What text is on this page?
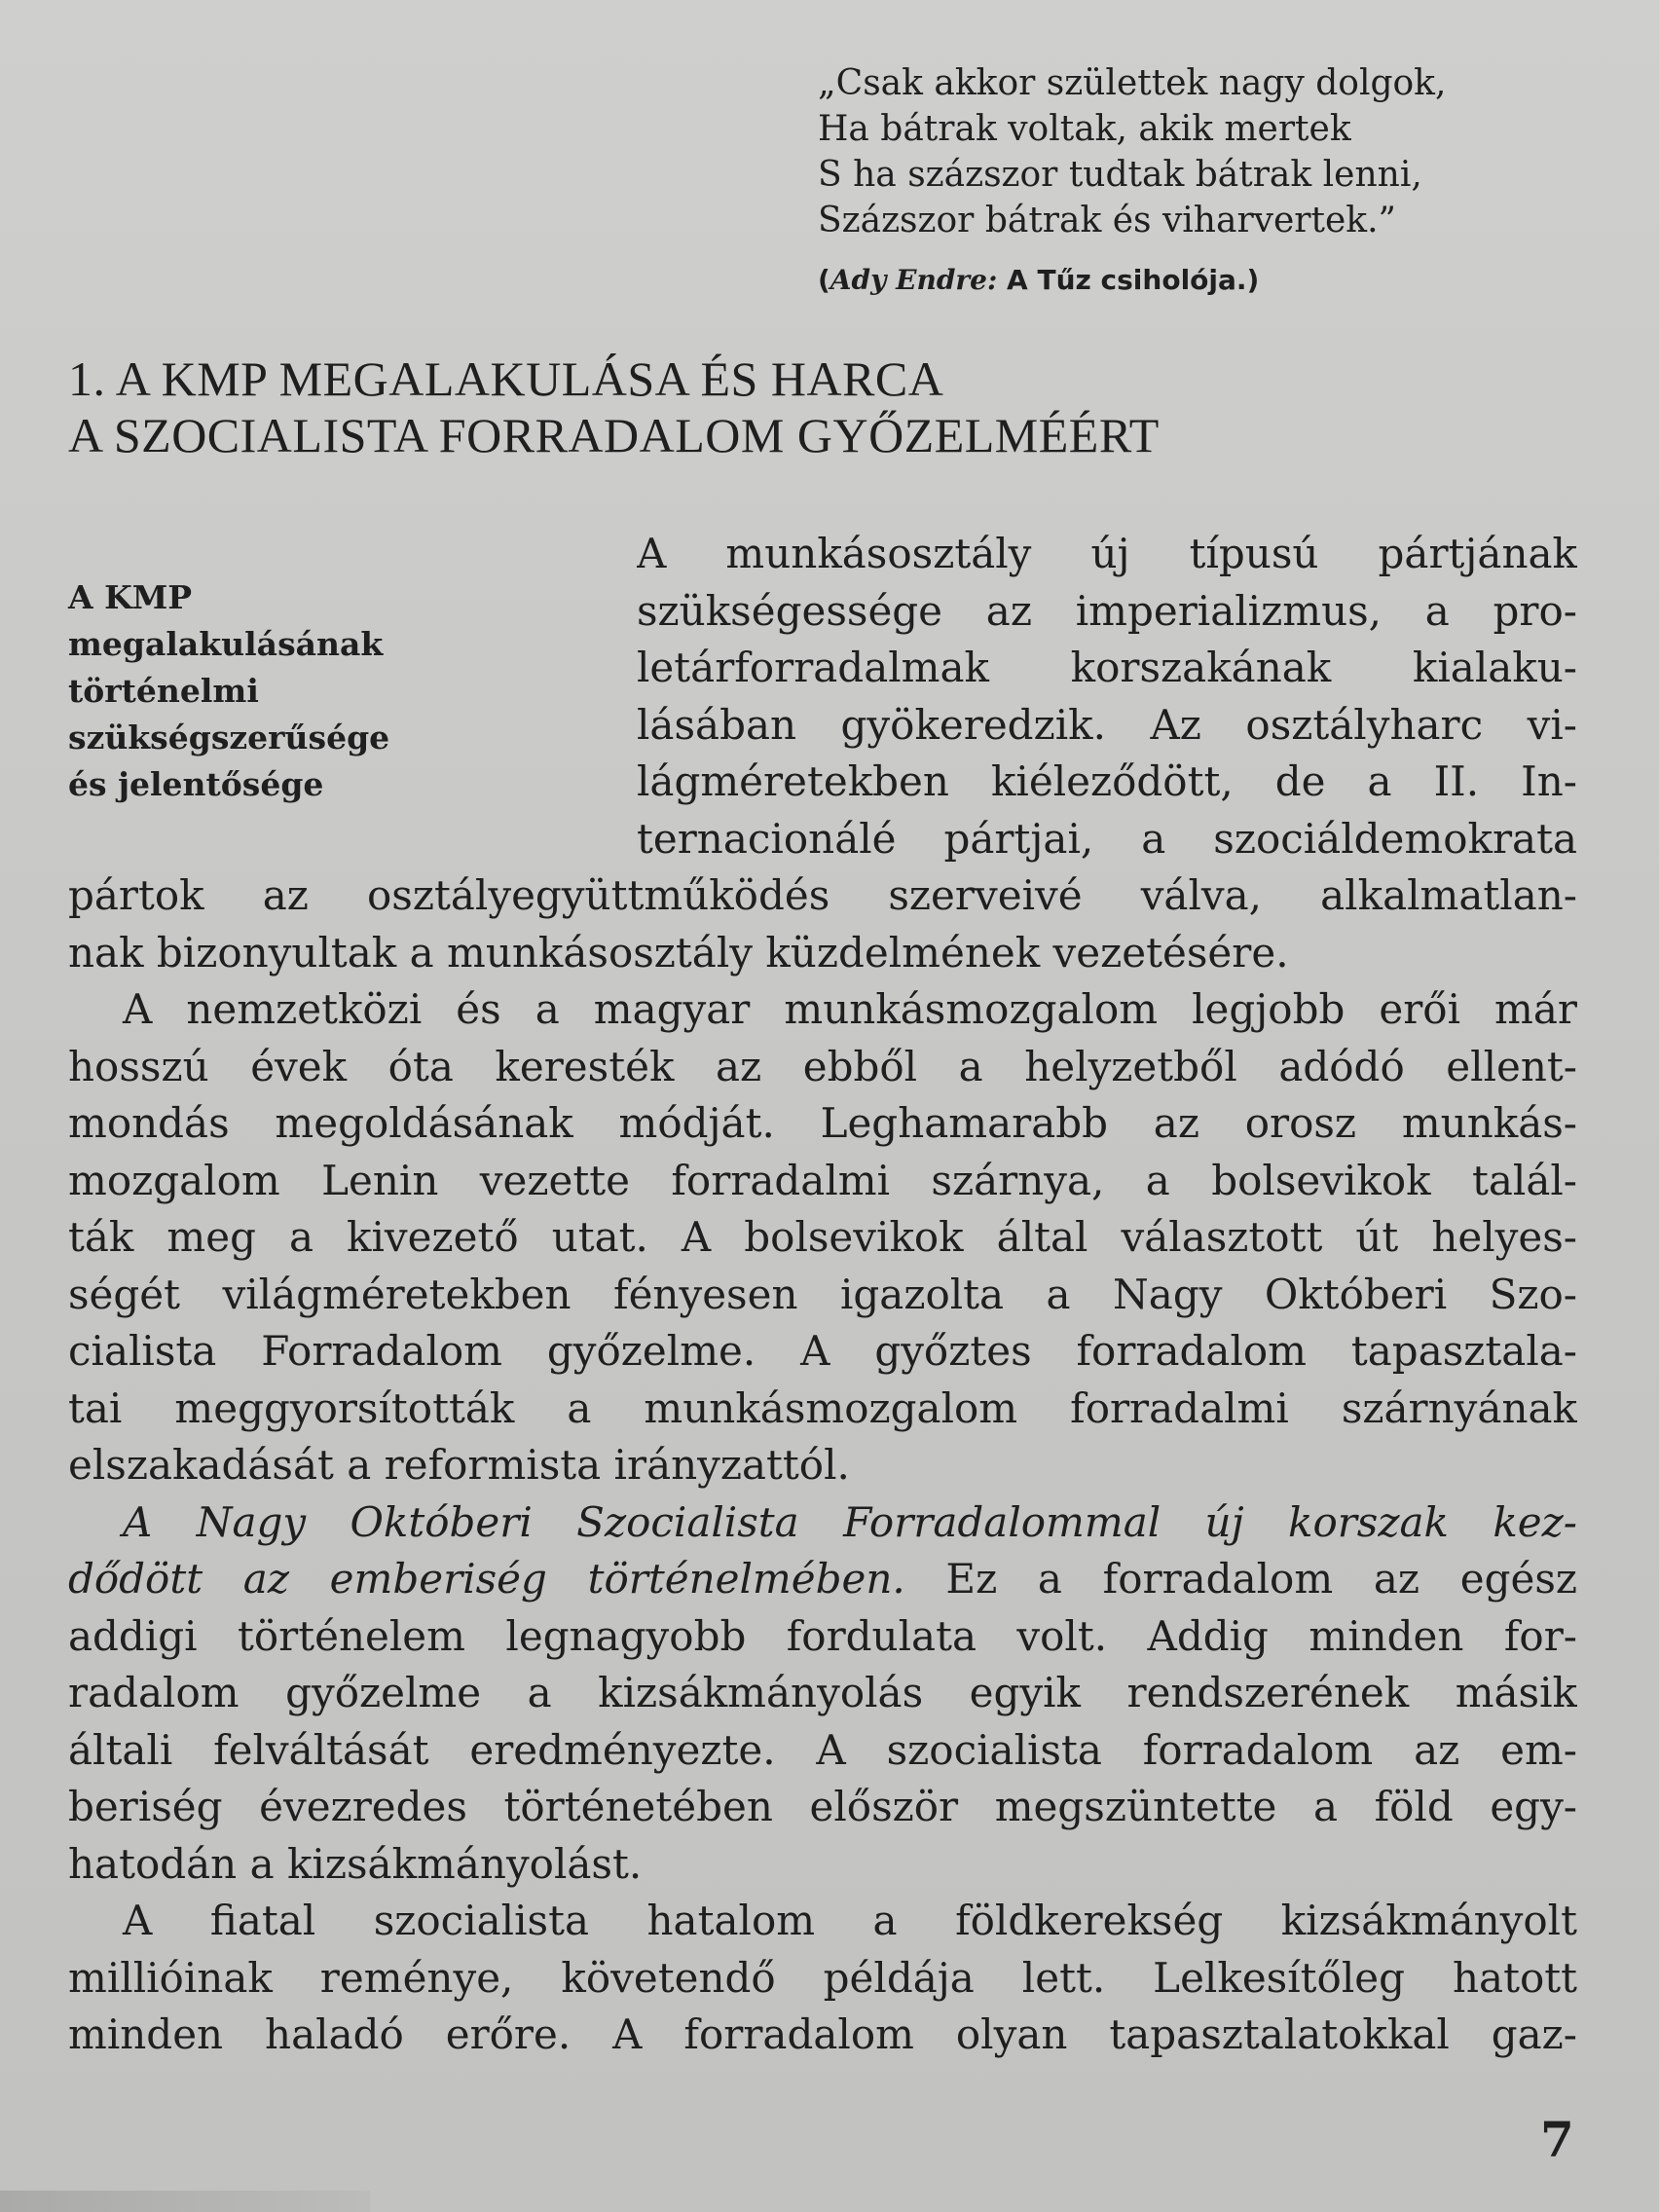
„Csak akkor születtek nagy dolgok,
Ha bátrak voltak, akik mertek
S ha százszor tudtak bátrak lenni,
Százszor bátrak és viharvertek.”
(Ady Endre: A Tűz csiholója.)
1. A KMP MEGALAKULÁSA ÉS HARCA
A SZOCIALISTA FORRADALOM GYŐZELMÉÉRT
A KMP
megalakulásának
történelmi
szükségszerűsége
és jelentősége
A munkásosztály új típusú pártjának
szükségessége az imperializmus, a pro-
letárforradalmak korszakának kialaku-
lásában gyökeredzik. Az osztályharc vi-
lágméretekben kiéleződött, de a II. In-
ternacionálé pártjai, a szociáldemokrata
pártok az osztályegyüttműködés szerveivé válva, alkalmatlan-
nak bizonyultak a munkásosztály küzdelmének vezetésére.
A nemzetközi és a magyar munkásmozgalom legjobb erői már
hosszú évek óta keresték az ebből a helyzetből adódó ellent-
mondás megoldásának módját. Leghamarabb az orosz munkás-
mozgalom Lenin vezette forradalmi szárnya, a bolsevikok talál-
ták meg a kivezető utat. A bolsevikok által választott út helyes-
ségét világméretekben fényesen igazolta a Nagy Októberi Szo-
cialista Forradalom győzelme. A győztes forradalom tapasztala-
tai meggyorsították a munkásmozgalom forradalmi szárnyának
elszakadását a reformista irányzattól.
A Nagy Októberi Szocialista Forradalommal új korszak kez-
dődött az emberiség történelmében. Ez a forradalom az egész
addigi történelem legnagyobb fordulata volt. Addig minden for-
radalom győzelme a kizsákmányolás egyik rendszerének másik
általi felváltását eredményezte. A szocialista forradalom az em-
beriség évezredes történetében először megszüntette a föld egy-
hatodán a kizsákmányolást.
A fiatal szocialista hatalom a földkerekség kizsákmányolt
millióinak reménye, követendő példája lett. Lelkesítőleg hatott
minden haladó erőre. A forradalom olyan tapasztalatokkal gaz-
7
